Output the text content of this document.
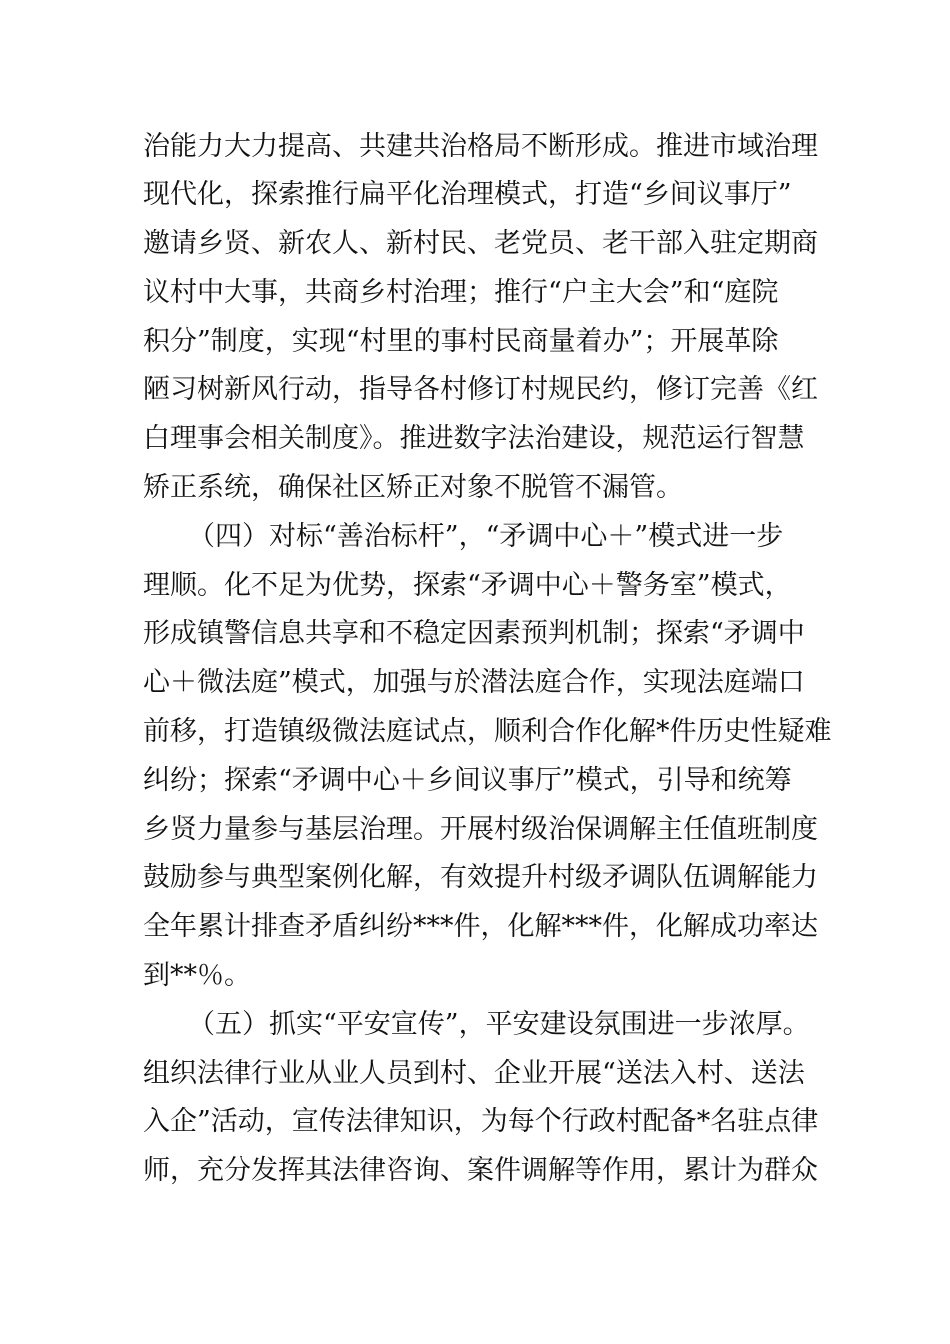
治能力大力提高、共建共治格局不断形成。推进市域治理
现代化，探索推行扁平化治理模式，打造“乡间议事厅”
邀请乡贤、新农人、新村民、老党员、老干部入驻定期商
议村中大事，共商乡村治理；推行“户主大会”和“庭院
积分”制度，实现“村里的事村民商量着办”；开展革除
陋习树新风行动，指导各村修订村规民约，修订完善《红
白理事会相关制度》。推进数字法治建设，规范运行智慧
矫正系统，确保社区矫正对象不脱管不漏管。
（四）对标“善治标杆”，“矛调中心＋”模式进一步
理顺。化不足为优势，探索“矛调中心＋警务室”模式，
形成镇警信息共享和不稳定因素预判机制；探索“矛调中
心＋微法庭”模式，加强与於潜法庭合作，实现法庭端口
前移，打造镇级微法庭试点，顺利合作化解*件历史性疑难
纠纷；探索“矛调中心＋乡间议事厅”模式，引导和统筹
乡贤力量参与基层治理。开展村级治保调解主任值班制度
鼓励参与典型案例化解，有效提升村级矛调队伍调解能力
全年累计排查矛盾纠纷***件，化解***件，化解成功率达
到**％。
（五）抓实“平安宣传”，平安建设氛围进一步浓厚。
组织法律行业从业人员到村、企业开展“送法入村、送法
入企”活动，宣传法律知识，为每个行政村配备*名驻点律
师，充分发挥其法律咨询、案件调解等作用，累计为群众
